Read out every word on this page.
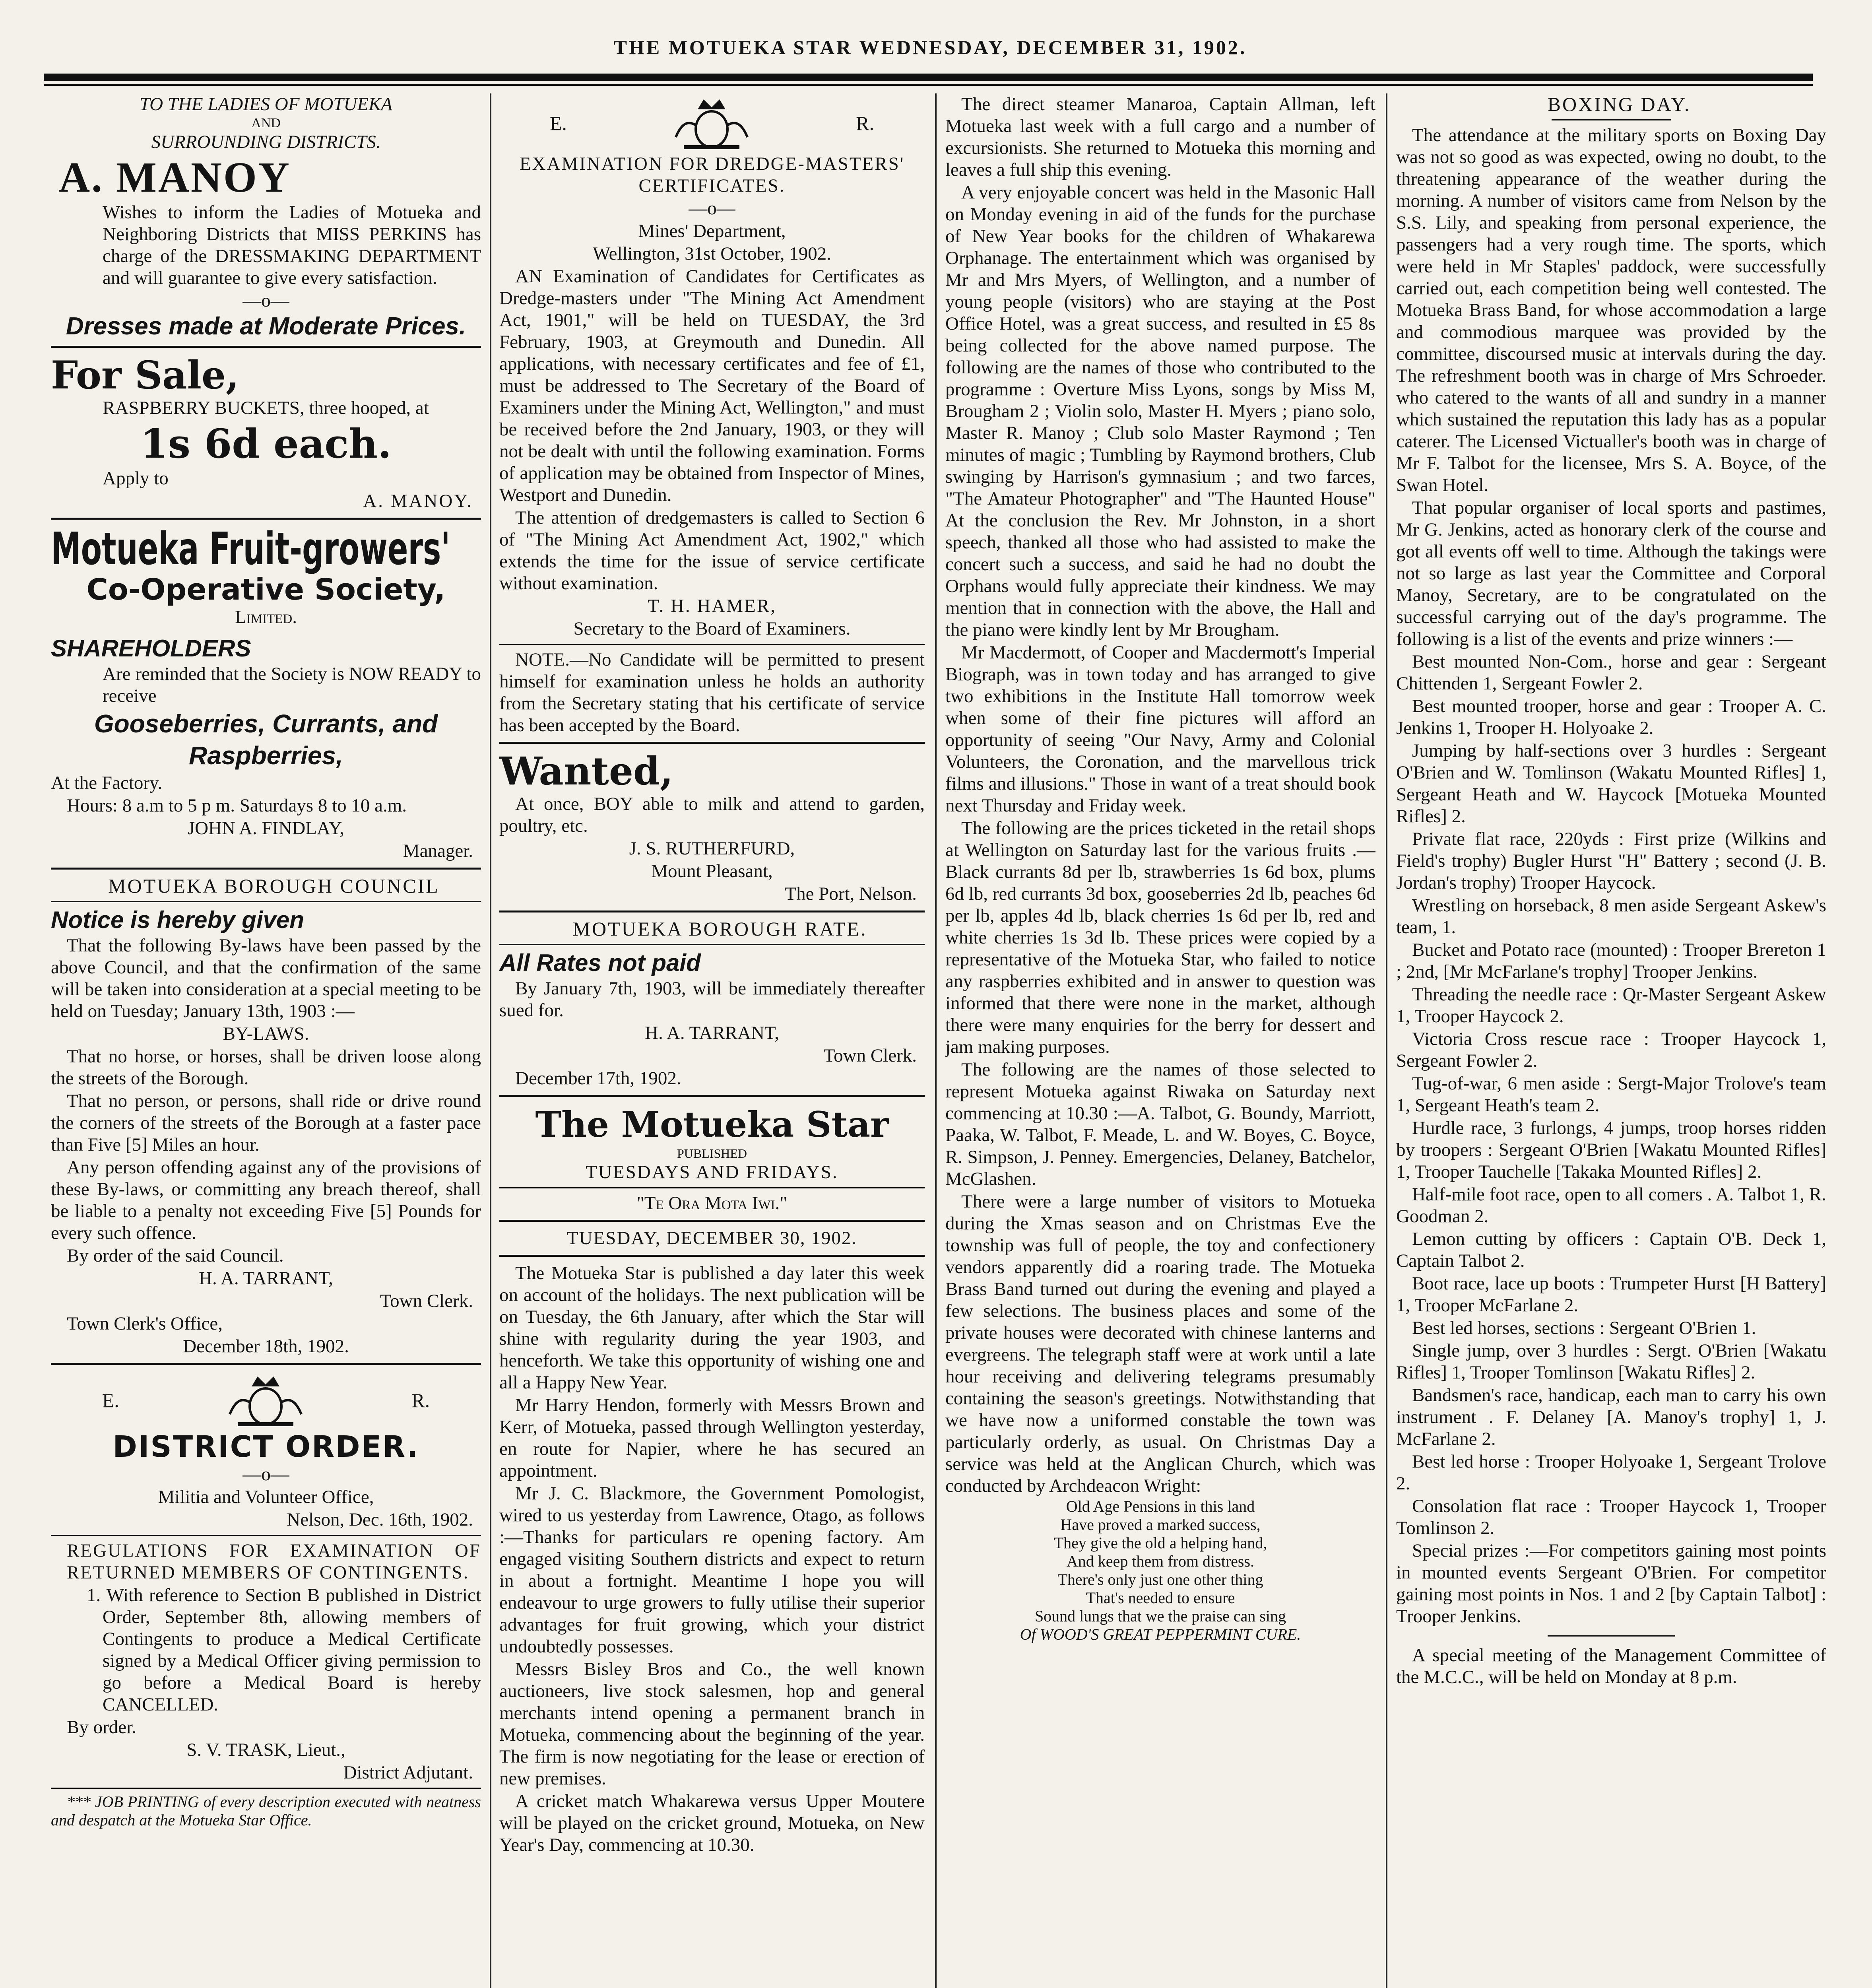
THE MOTUEKA STAR WEDNESDAY, DECEMBER 31, 1902.

TO THE LADIES OF MOTUEKA

AND

SURROUNDING DISTRICTS.

A. MANOY

Wishes to inform the Ladies of Motueka and Neighboring Districts that MISS PERKINS has charge of the DRESSMAKING DEPARTMENT and will guarantee to give every satisfaction.

—o—

Dresses made at Moderate Prices.

For Sale,

RASPBERRY BUCKETS, three hooped, at

1s 6d each.

Apply to

A. MANOY.

Motueka Fruit-growers'
Co-Operative Society,

Limited.

SHAREHOLDERS

Are reminded that the Society is NOW READY to receive

Gooseberries, Currants, and Raspberries,

At the Factory.

Hours: 8 a.m to 5 p m. Saturdays 8 to 10 a.m.

JOHN A. FINDLAY,

Manager.

MOTUEKA BOROUGH COUNCIL

Notice is hereby given

That the following By-laws have been passed by the above Council, and that the confirmation of the same will be taken into consideration at a special meeting to be held on Tuesday; January 13th, 1903 :—

BY-LAWS.

That no horse, or horses, shall be driven loose along the streets of the Borough.

That no person, or persons, shall ride or drive round the corners of the streets of the Borough at a faster pace than Five [5] Miles an hour.

Any person offending against any of the provisions of these By-laws, or committing any breach thereof, shall be liable to a penalty not exceeding Five [5] Pounds for every such offence.

By order of the said Council.

H. A. TARRANT,

Town Clerk.

Town Clerk's Office,

December 18th, 1902.

E.	R.
DISTRICT ORDER.

—o—

Militia and Volunteer Office,

Nelson, Dec. 16th, 1902.

REGULATIONS FOR EXAMINATION OF RETURNED MEMBERS OF CONTINGENTS.

1. With reference to Section B published in District Order, September 8th, allowing members of Contingents to produce a Medical Certificate signed by a Medical Officer giving permission to go before a Medical Board is hereby CANCELLED.

By order.

S. V. TRASK, Lieut.,

District Adjutant.

*** JOB PRINTING of every description executed with neatness and despatch at the Motueka Star Office.

E.	R.

EXAMINATION FOR DREDGE-MASTERS' CERTIFICATES.

—o—

Mines' Department,

Wellington, 31st October, 1902.

AN Examination of Candidates for Certificates as Dredge-masters under "The Mining Act Amendment Act, 1901," will be held on TUESDAY, the 3rd February, 1903, at Greymouth and Dunedin. All applications, with necessary certificates and fee of £1, must be addressed to The Secretary of the Board of Examiners under the Mining Act, Wellington," and must be received before the 2nd January, 1903, or they will not be dealt with until the following examination. Forms of application may be obtained from Inspector of Mines, Westport and Dunedin.

The attention of dredgemasters is called to Section 6 of "The Mining Act Amendment Act, 1902," which extends the time for the issue of service certificate without examination.

T. H. HAMER,

Secretary to the Board of Examiners.

NOTE.—No Candidate will be permitted to present himself for examination unless he holds an authority from the Secretary stating that his certificate of service has been accepted by the Board.

Wanted,

At once, BOY able to milk and attend to garden, poultry, etc.

J. S. RUTHERFURD,

Mount Pleasant,

The Port, Nelson.

MOTUEKA BOROUGH RATE.

All Rates not paid

By January 7th, 1903, will be immediately thereafter sued for.

H. A. TARRANT,

Town Clerk.

December 17th, 1902.

The Motueka Star

PUBLISHED

TUESDAYS AND FRIDAYS.

"Te Ora Mota Iwi."

TUESDAY, DECEMBER 30, 1902.

The Motueka Star is published a day later this week on account of the holidays. The next publication will be on Tuesday, the 6th January, after which the Star will shine with regularity during the year 1903, and henceforth. We take this opportunity of wishing one and all a Happy New Year.

Mr Harry Hendon, formerly with Messrs Brown and Kerr, of Motueka, passed through Wellington yesterday, en route for Napier, where he has secured an appointment.

Mr J. C. Blackmore, the Government Pomologist, wired to us yesterday from Lawrence, Otago, as follows :—Thanks for particulars re opening factory. Am engaged visiting Southern districts and expect to return in about a fortnight. Meantime I hope you will endeavour to urge growers to fully utilise their superior advantages for fruit growing, which your district undoubtedly possesses.

Messrs Bisley Bros and Co., the well known auctioneers, live stock salesmen, hop and general merchants intend opening a permanent branch in Motueka, commencing about the beginning of the year. The firm is now negotiating for the lease or erection of new premises.

A cricket match Whakarewa versus Upper Moutere will be played on the cricket ground, Motueka, on New Year's Day, commencing at 10.30.

The direct steamer Manaroa, Captain Allman, left Motueka last week with a full cargo and a number of excursionists. She returned to Motueka this morning and leaves a full ship this evening.

A very enjoyable concert was held in the Masonic Hall on Monday evening in aid of the funds for the purchase of New Year books for the children of Whakarewa Orphanage. The entertainment which was organised by Mr and Mrs Myers, of Wellington, and a number of young people (visitors) who are staying at the Post Office Hotel, was a great success, and resulted in £5 8s being collected for the above named purpose. The following are the names of those who contributed to the programme : Overture Miss Lyons, songs by Miss M, Brougham 2 ; Violin solo, Master H. Myers ; piano solo, Master R. Manoy ; Club solo Master Raymond ; Ten minutes of magic ; Tumbling by Raymond brothers, Club swinging by Harrison's gymnasium ; and two farces, "The Amateur Photographer" and "The Haunted House" At the conclusion the Rev. Mr Johnston, in a short speech, thanked all those who had assisted to make the concert such a success, and said he had no doubt the Orphans would fully appreciate their kindness. We may mention that in connection with the above, the Hall and the piano were kindly lent by Mr Brougham.

Mr Macdermott, of Cooper and Macdermott's Imperial Biograph, was in town today and has arranged to give two exhibitions in the Institute Hall tomorrow week when some of their fine pictures will afford an opportunity of seeing "Our Navy, Army and Colonial Volunteers, the Coronation, and the marvellous trick films and illusions." Those in want of a treat should book next Thursday and Friday week.

The following are the prices ticketed in the retail shops at Wellington on Saturday last for the various fruits .— Black currants 8d per lb, strawberries 1s 6d box, plums 6d lb, red currants 3d box, gooseberries 2d lb, peaches 6d per lb, apples 4d lb, black cherries 1s 6d per lb, red and white cherries 1s 3d lb. These prices were copied by a representative of the Motueka Star, who failed to notice any raspberries exhibited and in answer to question was informed that there were none in the market, although there were many enquiries for the berry for dessert and jam making purposes.

The following are the names of those selected to represent Motueka against Riwaka on Saturday next commencing at 10.30 :—A. Talbot, G. Boundy, Marriott, Paaka, W. Talbot, F. Meade, L. and W. Boyes, C. Boyce, R. Simpson, J. Penney. Emergencies, Delaney, Batchelor, McGlashen.

There were a large number of visitors to Motueka during the Xmas season and on Christmas Eve the township was full of people, the toy and confectionery vendors apparently did a roaring trade. The Motueka Brass Band turned out during the evening and played a few selections. The business places and some of the private houses were decorated with chinese lanterns and evergreens. The telegraph staff were at work until a late hour receiving and delivering telegrams presumably containing the season's greetings. Notwithstanding that we have now a uniformed constable the town was particularly orderly, as usual. On Christmas Day a service was held at the Anglican Church, which was conducted by Archdeacon Wright:

Old Age Pensions in this land

Have proved a marked success,

They give the old a helping hand,

And keep them from distress.

There's only just one other thing

That's needed to ensure

Sound lungs that we the praise can sing

Of WOOD'S GREAT PEPPERMINT CURE.

BOXING DAY.

The attendance at the military sports on Boxing Day was not so good as was expected, owing no doubt, to the threatening appearance of the weather during the morning. A number of visitors came from Nelson by the S.S. Lily, and speaking from personal experience, the passengers had a very rough time. The sports, which were held in Mr Staples' paddock, were successfully carried out, each competition being well contested. The Motueka Brass Band, for whose accommodation a large and commodious marquee was provided by the committee, discoursed music at intervals during the day. The refreshment booth was in charge of Mrs Schroeder. who catered to the wants of all and sundry in a manner which sustained the reputation this lady has as a popular caterer. The Licensed Victualler's booth was in charge of Mr F. Talbot for the licensee, Mrs S. A. Boyce, of the Swan Hotel.

That popular organiser of local sports and pastimes, Mr G. Jenkins, acted as honorary clerk of the course and got all events off well to time. Although the takings were not so large as last year the Committee and Corporal Manoy, Secretary, are to be congratulated on the successful carrying out of the day's programme. The following is a list of the events and prize winners :—

Best mounted Non-Com., horse and gear : Sergeant Chittenden 1, Sergeant Fowler 2.

Best mounted trooper, horse and gear : Trooper A. C. Jenkins 1, Trooper H. Holyoake 2.

Jumping by half-sections over 3 hurdles : Sergeant O'Brien and W. Tomlinson (Wakatu Mounted Rifles] 1, Sergeant Heath and W. Haycock [Motueka Mounted Rifles] 2.

Private flat race, 220yds : First prize (Wilkins and Field's trophy) Bugler Hurst "H" Battery ; second (J. B. Jordan's trophy) Trooper Haycock.

Wrestling on horseback, 8 men aside Sergeant Askew's team, 1.

Bucket and Potato race (mounted) : Trooper Brereton 1 ; 2nd, [Mr McFarlane's trophy] Trooper Jenkins.

Threading the needle race : Qr-Master Sergeant Askew 1, Trooper Haycock 2.

Victoria Cross rescue race : Trooper Haycock 1, Sergeant Fowler 2.

Tug-of-war, 6 men aside : Sergt-Major Trolove's team 1, Sergeant Heath's team 2.

Hurdle race, 3 furlongs, 4 jumps, troop horses ridden by troopers : Sergeant O'Brien [Wakatu Mounted Rifles] 1, Trooper Tauchelle [Takaka Mounted Rifles] 2.

Half-mile foot race, open to all comers . A. Talbot 1, R. Goodman 2.

Lemon cutting by officers : Captain O'B. Deck 1, Captain Talbot 2.

Boot race, lace up boots : Trumpeter Hurst [H Battery] 1, Trooper McFarlane 2.

Best led horses, sections : Sergeant O'Brien 1.

Single jump, over 3 hurdles : Sergt. O'Brien [Wakatu Rifles] 1, Trooper Tomlinson [Wakatu Rifles] 2.

Bandsmen's race, handicap, each man to carry his own instrument . F. Delaney [A. Manoy's trophy] 1, J. McFarlane 2.

Best led horse : Trooper Holyoake 1, Sergeant Trolove 2.

Consolation flat race : Trooper Haycock 1, Trooper Tomlinson 2.

Special prizes :—For competitors gaining most points in mounted events Sergeant O'Brien. For competitor gaining most points in Nos. 1 and 2 [by Captain Talbot] : Trooper Jenkins.

A special meeting of the Management Committee of the M.C.C., will be held on Monday at 8 p.m.
